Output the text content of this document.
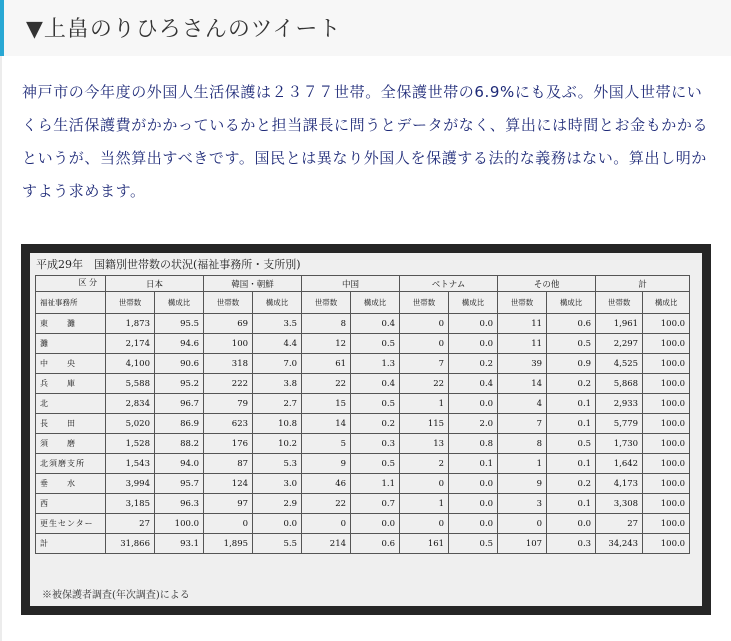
▼上畠のりひろさんのツイート
神戸市の今年度の外国人生活保護は２３７７世帯。全保護世帯の6.9%にも及ぶ。外国人世帯にいくら生活保護費がかかっているかと担当課長に問うとデータがなく、算出には時間とお金もかかるというが、当然算出すべきです。国民とは異なり外国人を保護する法的な義務はない。算出し明かすよう求めます。
平成29年　国籍別世帯数の状況(福祉事務所・支所別)
区 分	日本		韓国・朝鮮		中国		ベトナム		その他		計	
福祉事務所	世帯数	構成比	世帯数	構成比	世帯数	構成比	世帯数	構成比	世帯数	構成比	世帯数	構成比
東　　灘	1,873	95.5	69	3.5	8	0.4	0	0.0	11	0.6	1,961	100.0
灘	2,174	94.6	100	4.4	12	0.5	0	0.0	11	0.5	2,297	100.0
中　　央	4,100	90.6	318	7.0	61	1.3	7	0.2	39	0.9	4,525	100.0
兵　　庫	5,588	95.2	222	3.8	22	0.4	22	0.4	14	0.2	5,868	100.0
北	2,834	96.7	79	2.7	15	0.5	1	0.0	4	0.1	2,933	100.0
長　　田	5,020	86.9	623	10.8	14	0.2	115	2.0	7	0.1	5,779	100.0
須　　磨	1,528	88.2	176	10.2	5	0.3	13	0.8	8	0.5	1,730	100.0
北須磨支所	1,543	94.0	87	5.3	9	0.5	2	0.1	1	0.1	1,642	100.0
垂　　水	3,994	95.7	124	3.0	46	1.1	0	0.0	9	0.2	4,173	100.0
西	3,185	96.3	97	2.9	22	0.7	1	0.0	3	0.1	3,308	100.0
更生センター	27	100.0	0	0.0	0	0.0	0	0.0	0	0.0	27	100.0
計	31,866	93.1	1,895	5.5	214	0.6	161	0.5	107	0.3	34,243	100.0
※被保護者調査(年次調査)による
